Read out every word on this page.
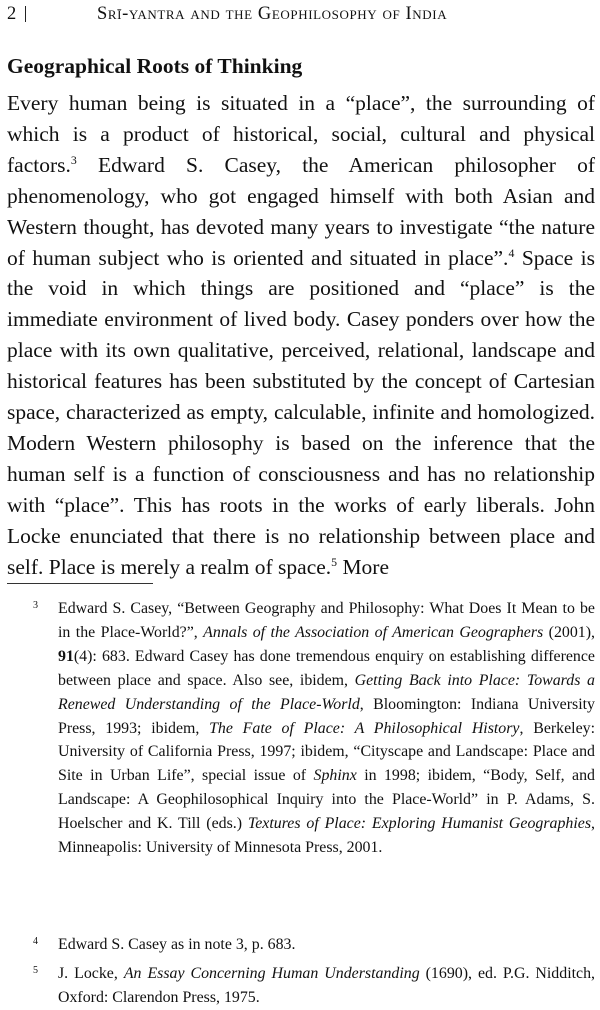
2	Srī-yantra and the Geophilosophy of India
Geographical Roots of Thinking

Every human being is situated in a “place”, the surrounding of which is a product of historical, social, cultural and physical factors.$^3$ Edward S. Casey, the American philosopher of phenomenology, who got engaged himself with both Asian and Western thought, has devoted many years to investigate “the nature of human subject who is oriented and situated in place”.$^4$ Space is the void in which things are positioned and “place” is the immediate environment of lived body. Casey ponders over how the place with its own qualitative, perceived, relational, landscape and historical features has been substituted by the concept of Cartesian space, characterized as empty, calculable, infinite and homologized. Modern Western philosophy is based on the inference that the human self is a function of consciousness and has no relationship with “place”. This has roots in the works of early liberals. John Locke enunciated that there is no relationship between place and self. Place is merely a realm of space.$^5$ More

3 Edward S. Casey, “Between Geography and Philosophy: What Does It Mean to be in the Place-World?”, Annals of the Association of American Geographers (2001), 91(4): 683. Edward Casey has done tremendous enquiry on establishing difference between place and space. Also see, ibidem, Getting Back into Place: Towards a Renewed Understanding of the Place-World, Bloomington: Indiana University Press, 1993; ibidem, The Fate of Place: A Philosophical History, Berkeley: University of California Press, 1997; ibidem, “Cityscape and Landscape: Place and Site in Urban Life”, special issue of Sphinx in 1998; ibidem, “Body, Self, and Landscape: A Geophilosophical Inquiry into the Place-World” in P. Adams, S. Hoelscher and K. Till (eds.) Textures of Place: Exploring Humanist Geographies, Minneapolis: University of Minnesota Press, 2001.
4 Edward S. Casey as in note 3, p. 683.
5 J. Locke, An Essay Concerning Human Understanding (1690), ed. P.G. Nidditch, Oxford: Clarendon Press, 1975.
